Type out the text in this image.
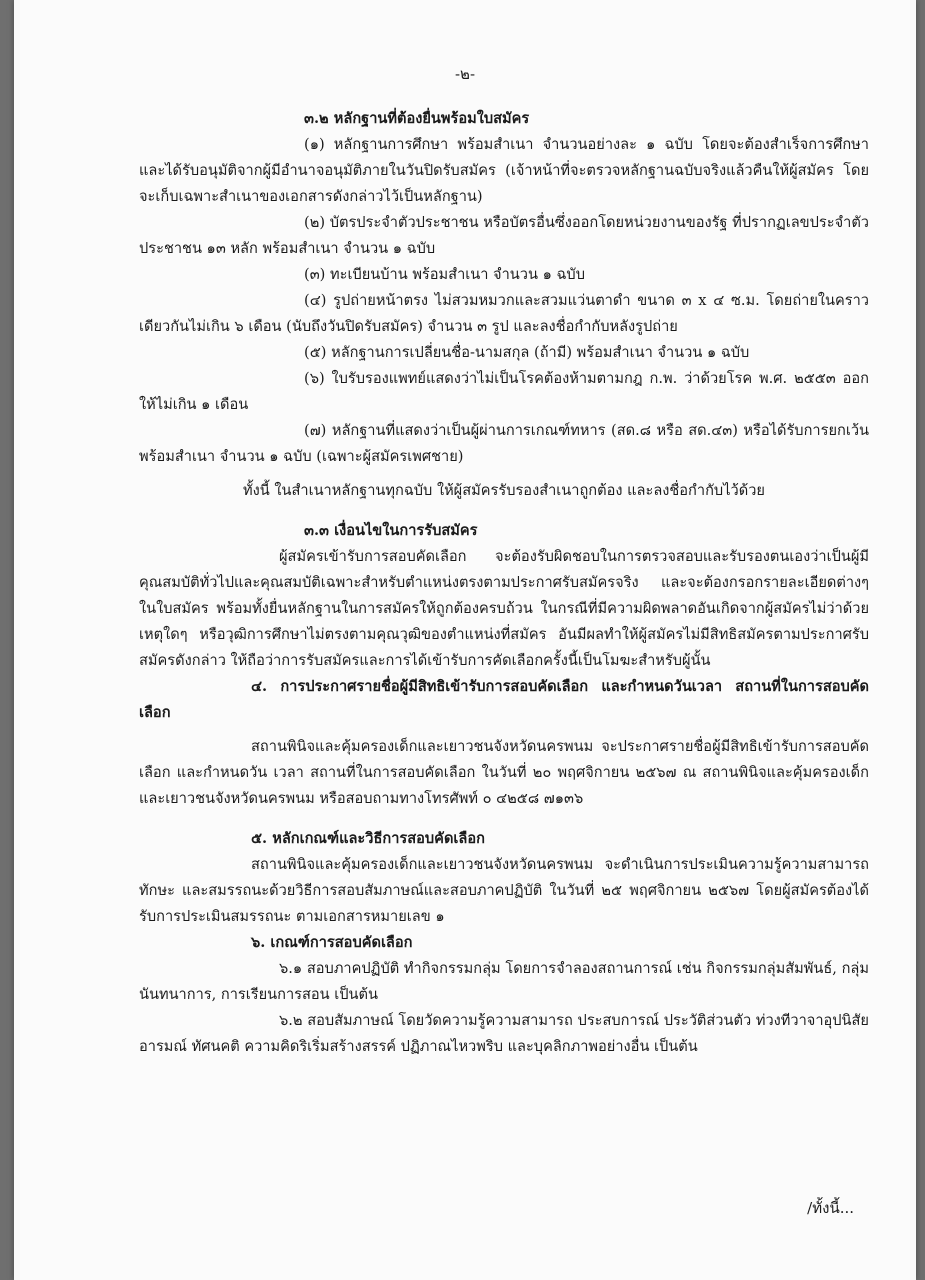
-๒-

๓.๒ หลักฐานที่ต้องยื่นพร้อมใบสมัคร

(๑) หลักฐานการศึกษา พร้อมสำเนา จำนวนอย่างละ ๑ ฉบับ โดยจะต้องสำเร็จการศึกษา และได้รับอนุมัติจากผู้มีอำนาจอนุมัติภายในวันปิดรับสมัคร (เจ้าหน้าที่จะตรวจหลักฐานฉบับจริงแล้วคืนให้ผู้สมัคร โดยจะเก็บเฉพาะสำเนาของเอกสารดังกล่าวไว้เป็นหลักฐาน)

(๒) บัตรประจำตัวประชาชน หรือบัตรอื่นซึ่งออกโดยหน่วยงานของรัฐ ที่ปรากฏเลขประจำตัวประชาชน ๑๓ หลัก พร้อมสำเนา จำนวน ๑ ฉบับ

(๓) ทะเบียนบ้าน พร้อมสำเนา จำนวน ๑ ฉบับ

(๔) รูปถ่ายหน้าตรง ไม่สวมหมวกและสวมแว่นตาดำ ขนาด ๓ x ๔ ซ.ม. โดยถ่ายในคราวเดียวกันไม่เกิน ๖ เดือน (นับถึงวันปิดรับสมัคร) จำนวน ๓ รูป และลงชื่อกำกับหลังรูปถ่าย

(๕) หลักฐานการเปลี่ยนชื่อ-นามสกุล (ถ้ามี) พร้อมสำเนา จำนวน ๑ ฉบับ

(๖) ใบรับรองแพทย์แสดงว่าไม่เป็นโรคต้องห้ามตามกฎ ก.พ. ว่าด้วยโรค พ.ศ. ๒๕๕๓ ออกให้ไม่เกิน ๑ เดือน

(๗) หลักฐานที่แสดงว่าเป็นผู้ผ่านการเกณฑ์ทหาร (สด.๘ หรือ สด.๔๓) หรือได้รับการยกเว้น พร้อมสำเนา จำนวน ๑ ฉบับ (เฉพาะผู้สมัครเพศชาย)

ทั้งนี้ ในสำเนาหลักฐานทุกฉบับ ให้ผู้สมัครรับรองสำเนาถูกต้อง และลงชื่อกำกับไว้ด้วย

๓.๓ เงื่อนไขในการรับสมัคร

ผู้สมัครเข้ารับการสอบคัดเลือก จะต้องรับผิดชอบในการตรวจสอบและรับรองตนเองว่าเป็นผู้มีคุณสมบัติทั่วไปและคุณสมบัติเฉพาะสำหรับตำแหน่งตรงตามประกาศรับสมัครจริง และจะต้องกรอกรายละเอียดต่างๆ ในใบสมัคร พร้อมทั้งยื่นหลักฐานในการสมัครให้ถูกต้องครบถ้วน ในกรณีที่มีความผิดพลาดอันเกิดจากผู้สมัครไม่ว่าด้วยเหตุใดๆ หรือวุฒิการศึกษาไม่ตรงตามคุณวุฒิของตำแหน่งที่สมัคร อันมีผลทำให้ผู้สมัครไม่มีสิทธิสมัครตามประกาศรับสมัครดังกล่าว ให้ถือว่าการรับสมัครและการได้เข้ารับการคัดเลือกครั้งนี้เป็นโมฆะสำหรับผู้นั้น

๔. การประกาศรายชื่อผู้มีสิทธิเข้ารับการสอบคัดเลือก และกำหนดวันเวลา สถานที่ในการสอบคัดเลือก

สถานพินิจและคุ้มครองเด็กและเยาวชนจังหวัดนครพนม จะประกาศรายชื่อผู้มีสิทธิเข้ารับการสอบคัดเลือก และกำหนดวัน เวลา สถานที่ในการสอบคัดเลือก ในวันที่ ๒๐ พฤศจิกายน ๒๕๖๗ ณ สถานพินิจและคุ้มครองเด็กและเยาวชนจังหวัดนครพนม หรือสอบถามทางโทรศัพท์ ๐ ๔๒๕๘ ๗๑๓๖

๕. หลักเกณฑ์และวิธีการสอบคัดเลือก

สถานพินิจและคุ้มครองเด็กและเยาวชนจังหวัดนครพนม จะดำเนินการประเมินความรู้ความสามารถ ทักษะ และสมรรถนะด้วยวิธีการสอบสัมภาษณ์และสอบภาคปฏิบัติ ในวันที่ ๒๕ พฤศจิกายน ๒๕๖๗ โดยผู้สมัครต้องได้รับการประเมินสมรรถนะ ตามเอกสารหมายเลข ๑

๖. เกณฑ์การสอบคัดเลือก

๖.๑ สอบภาคปฏิบัติ ทำกิจกรรมกลุ่ม โดยการจำลองสถานการณ์ เช่น กิจกรรมกลุ่มสัมพันธ์, กลุ่มนันทนาการ, การเรียนการสอน เป็นต้น

๖.๒ สอบสัมภาษณ์ โดยวัดความรู้ความสามารถ ประสบการณ์ ประวัติส่วนตัว ท่วงทีวาจาอุปนิสัย อารมณ์ ทัศนคติ ความคิดริเริ่มสร้างสรรค์ ปฏิภาณไหวพริบ และบุคลิกภาพอย่างอื่น เป็นต้น

/ทั้งนี้...
